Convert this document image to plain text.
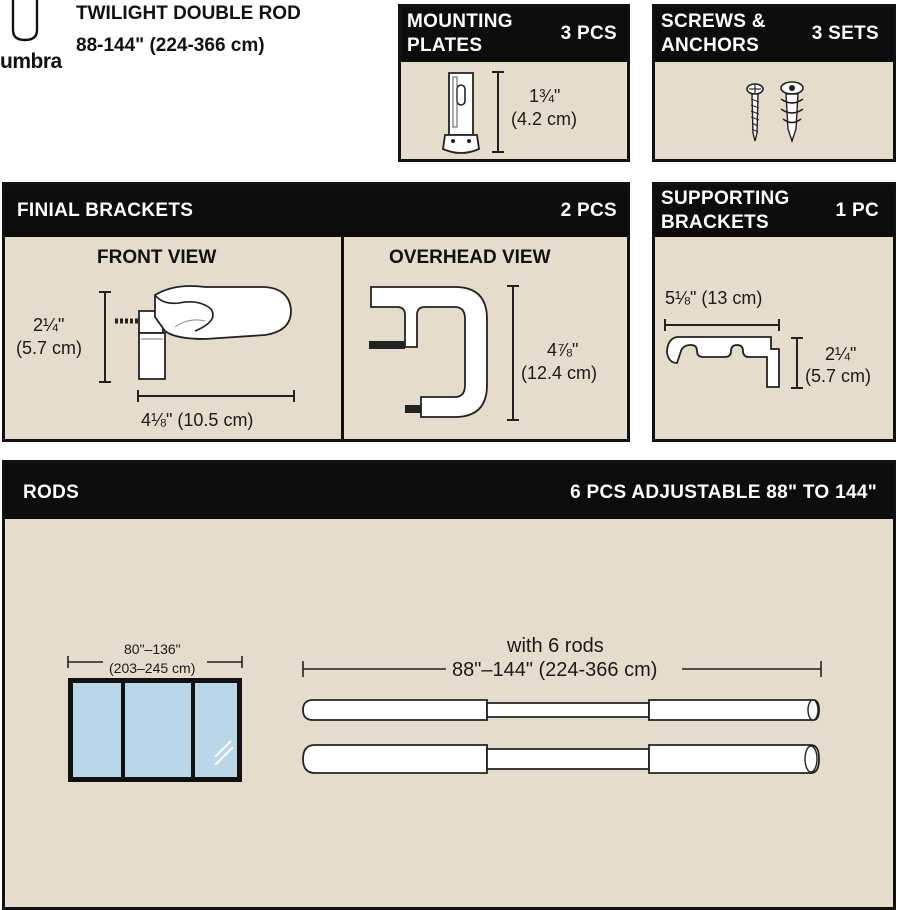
umbra
TWILIGHT DOUBLE ROD
88-144" (224-366 cm)
MOUNTING
PLATES
3 PCS
1¾"
(4.2 cm)
SCREWS &
ANCHORS
3 SETS
FINIAL BRACKETS	2 PCS
FRONT VIEW
2¼"
(5.7 cm)
4⅛" (10.5 cm)
OVERHEAD VIEW
4⅞"
(12.4 cm)
SUPPORTING
BRACKETS
1 PC
5⅛" (13 cm)
2¼"
(5.7 cm)
RODS	6 PCS ADJUSTABLE 88" TO 144"
80"–136"
(203–245 cm)
with 6 rods
88"–144" (224-366 cm)
